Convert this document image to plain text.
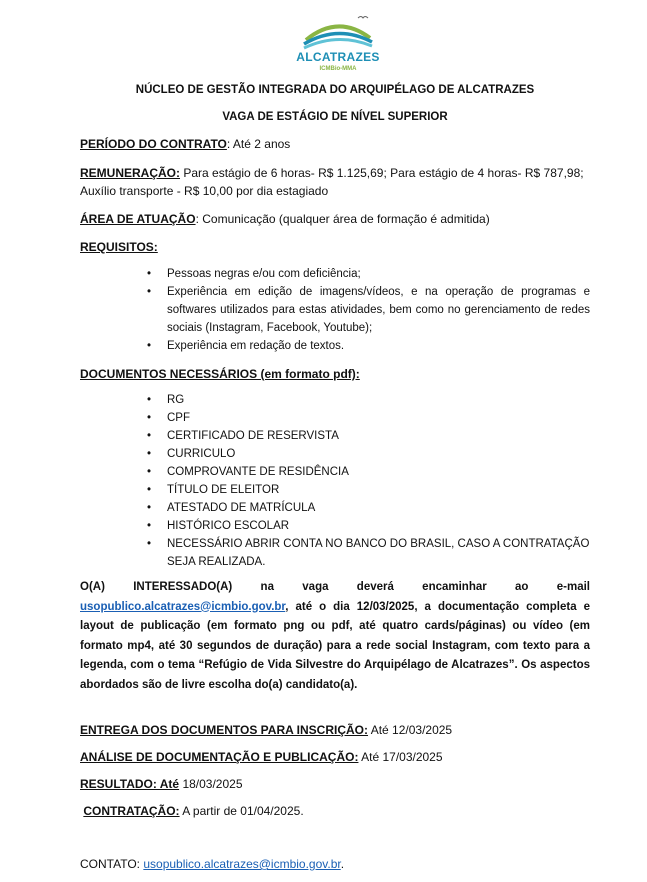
ALCATRAZES
ICMBio-MMA
NÚCLEO DE GESTÃO INTEGRADA DO ARQUIPÉLAGO DE ALCATRAZES
VAGA DE ESTÁGIO DE NÍVEL SUPERIOR
PERÍODO DO CONTRATO: Até 2 anos
REMUNERAÇÃO: Para estágio de 6 horas- R$ 1.125,69; Para estágio de 4 horas- R$ 787,98;
Auxílio transporte - R$ 10,00 por dia estagiado
ÁREA DE ATUAÇÃO: Comunicação (qualquer área de formação é admitida)
REQUISITOS:
• Pessoas negras e/ou com deficiência;
• Experiência em edição de imagens/vídeos, e na operação de programas e softwares utilizados para estas atividades, bem como no gerenciamento de redes sociais (Instagram, Facebook, Youtube);
• Experiência em redação de textos.
DOCUMENTOS NECESSÁRIOS (em formato pdf):
• RG
• CPF
• CERTIFICADO DE RESERVISTA
• CURRICULO
• COMPROVANTE DE RESIDÊNCIA
• TÍTULO DE ELEITOR
• ATESTADO DE MATRÍCULA
• HISTÓRICO ESCOLAR
• NECESSÁRIO ABRIR CONTA NO BANCO DO BRASIL, CASO A CONTRATAÇÃO SEJA REALIZADA.
O(A) INTERESSADO(A) na vaga deverá encaminhar ao e-mail usopublico.alcatrazes@icmbio.gov.br, até o dia 12/03/2025, a documentação completa e layout de publicação (em formato png ou pdf, até quatro cards/páginas) ou vídeo (em formato mp4, até 30 segundos de duração) para a rede social Instagram, com texto para a legenda, com o tema “Refúgio de Vida Silvestre do Arquipélago de Alcatrazes”. Os aspectos abordados são de livre escolha do(a) candidato(a).
ENTREGA DOS DOCUMENTOS PARA INSCRIÇÃO: Até 12/03/2025
ANÁLISE DE DOCUMENTAÇÃO E PUBLICAÇÃO: Até 17/03/2025
RESULTADO: Até 18/03/2025
CONTRATAÇÃO: A partir de 01/04/2025.
CONTATO: usopublico.alcatrazes@icmbio.gov.br.
